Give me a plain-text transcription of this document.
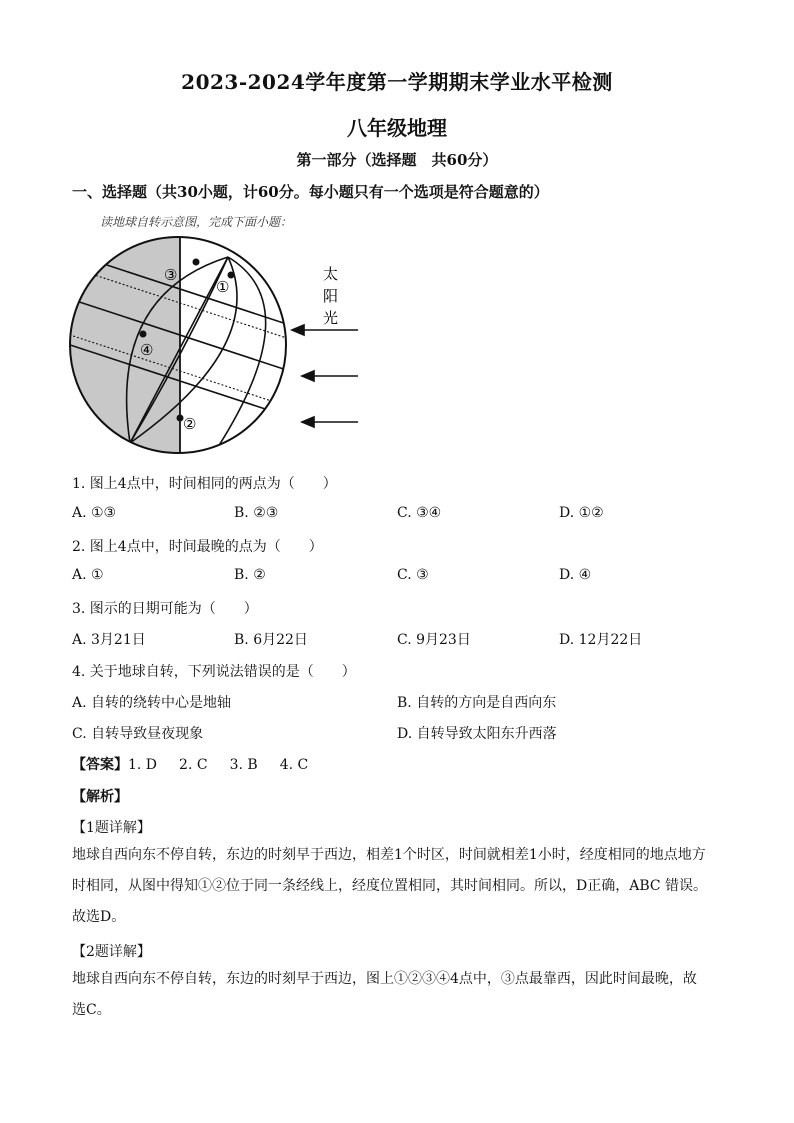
2023-2024学年度第一学期期末学业水平检测
八年级地理
第一部分（选择题　共60分）
一、选择题（共30小题，计60分。每小题只有一个选项是符合题意的）
读地球自转示意图，完成下面小题：
①
②
③
④
太
阳
光
1. 图上4点中，时间相同的两点为（　　）
A. ①③	B. ②③	C. ③④	D. ①②
2. 图上4点中，时间最晚的点为（　　）
A. ①	B. ②	C. ③	D. ④
3. 图示的日期可能为（　　）
A. 3月21日	B. 6月22日	C. 9月23日	D. 12月22日
4. 关于地球自转，下列说法错误的是（　　）
A. 自转的绕转中心是地轴	B. 自转的方向是自西向东
C. 自转导致昼夜现象	D. 自转导致太阳东升西落
【答案】1. D 2. C 3. B 4. C
【解析】
【1题详解】
地球自西向东不停自转，东边的时刻早于西边，相差1个时区，时间就相差1小时，经度相同的地点地方
时相同，从图中得知①②位于同一条经线上，经度位置相同，其时间相同。所以，D正确，ABC 错误。
故选D。
【2题详解】
地球自西向东不停自转，东边的时刻早于西边，图上①②③④4点中，③点最靠西，因此时间最晚，故
选C。
